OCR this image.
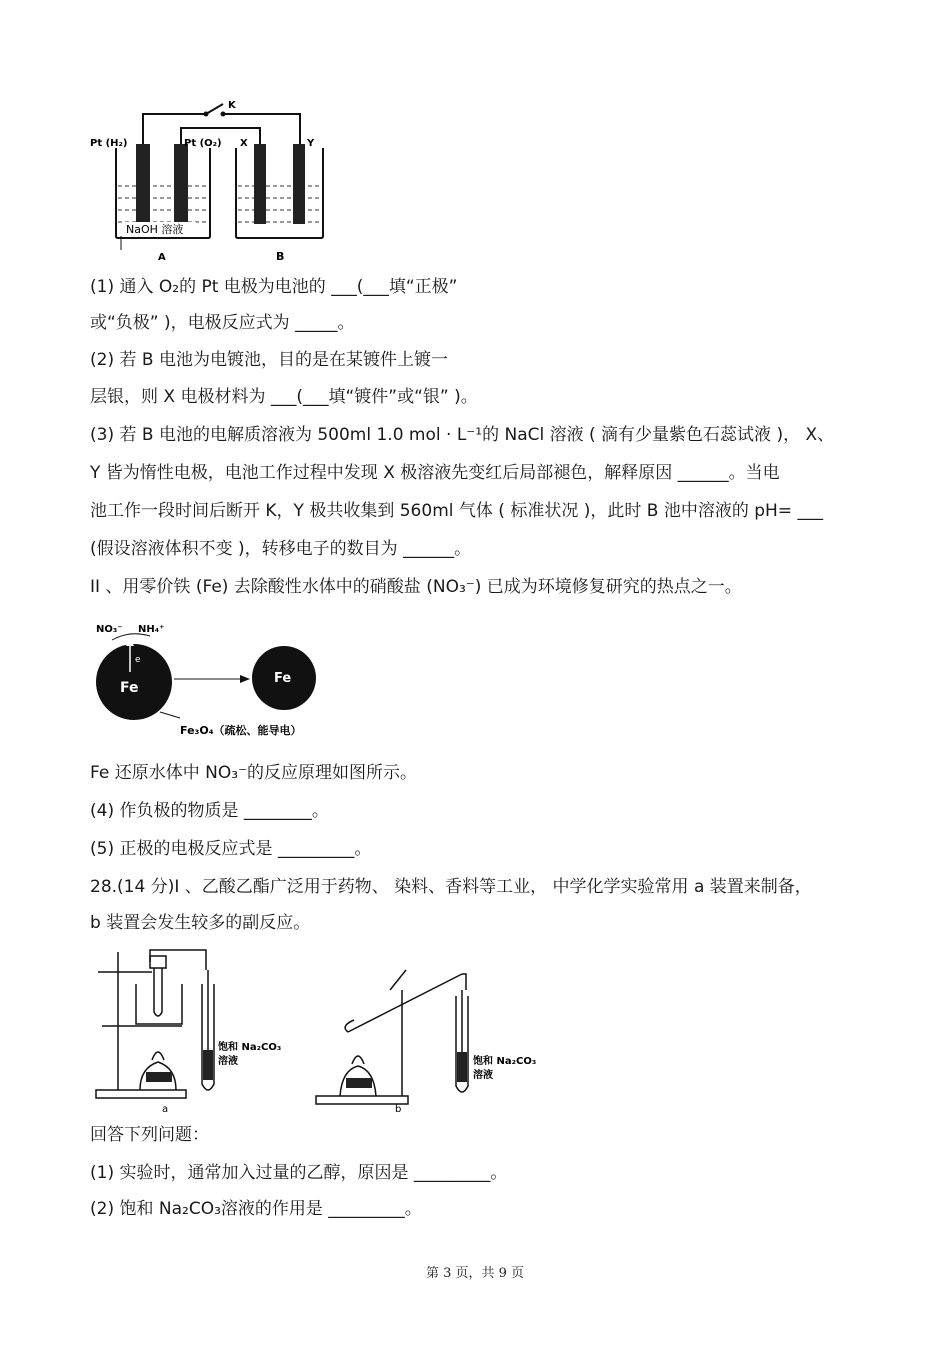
K
Pt (H₂)	Pt (O₂) X	Y
NaOH 溶液
A	B
(1) 通入 O₂的 Pt 电极为电池的 ___(___填“正极”
或“负极” )，电极反应式为 _____。
(2) 若 B 电池为电镀池，目的是在某镀件上镀一
层银，则 X 电极材料为 ___(___填“镀件”或“银” )。
(3) 若 B 电池的电解质溶液为 500ml 1.0 mol · L⁻¹的 NaCl 溶液 ( 滴有少量紫色石蕊试液 )， X、
Y 皆为惰性电极，电池工作过程中发现 X 极溶液先变红后局部褪色，解释原因 ______。当电
池工作一段时间后断开 K，Y 极共收集到 560ml 气体 ( 标准状况 )，此时 B 池中溶液的 pH= ___
(假设溶液体积不变 )，转移电子的数目为 ______。
II 、用零价铁 (Fe) 去除酸性水体中的硝酸盐 (NO₃⁻) 已成为环境修复研究的热点之一。
NO₃⁻ NH₄⁺
e
Fe
Fe
Fe₃O₄（疏松、能导电）
Fe 还原水体中 NO₃⁻的反应原理如图所示。
(4) 作负极的物质是 ________。
(5) 正极的电极反应式是 _________。
28.(14 分)I 、乙酸乙酯广泛用于药物、 染料、香料等工业， 中学化学实验常用 a 装置来制备，
b 装置会发生较多的副反应。
饱和 Na₂CO₃
溶液
a
饱和 Na₂CO₃
溶液
b
回答下列问题：
(1) 实验时，通常加入过量的乙醇，原因是 _________。
(2) 饱和 Na₂CO₃溶液的作用是 _________。
第 3 页，共 9 页
